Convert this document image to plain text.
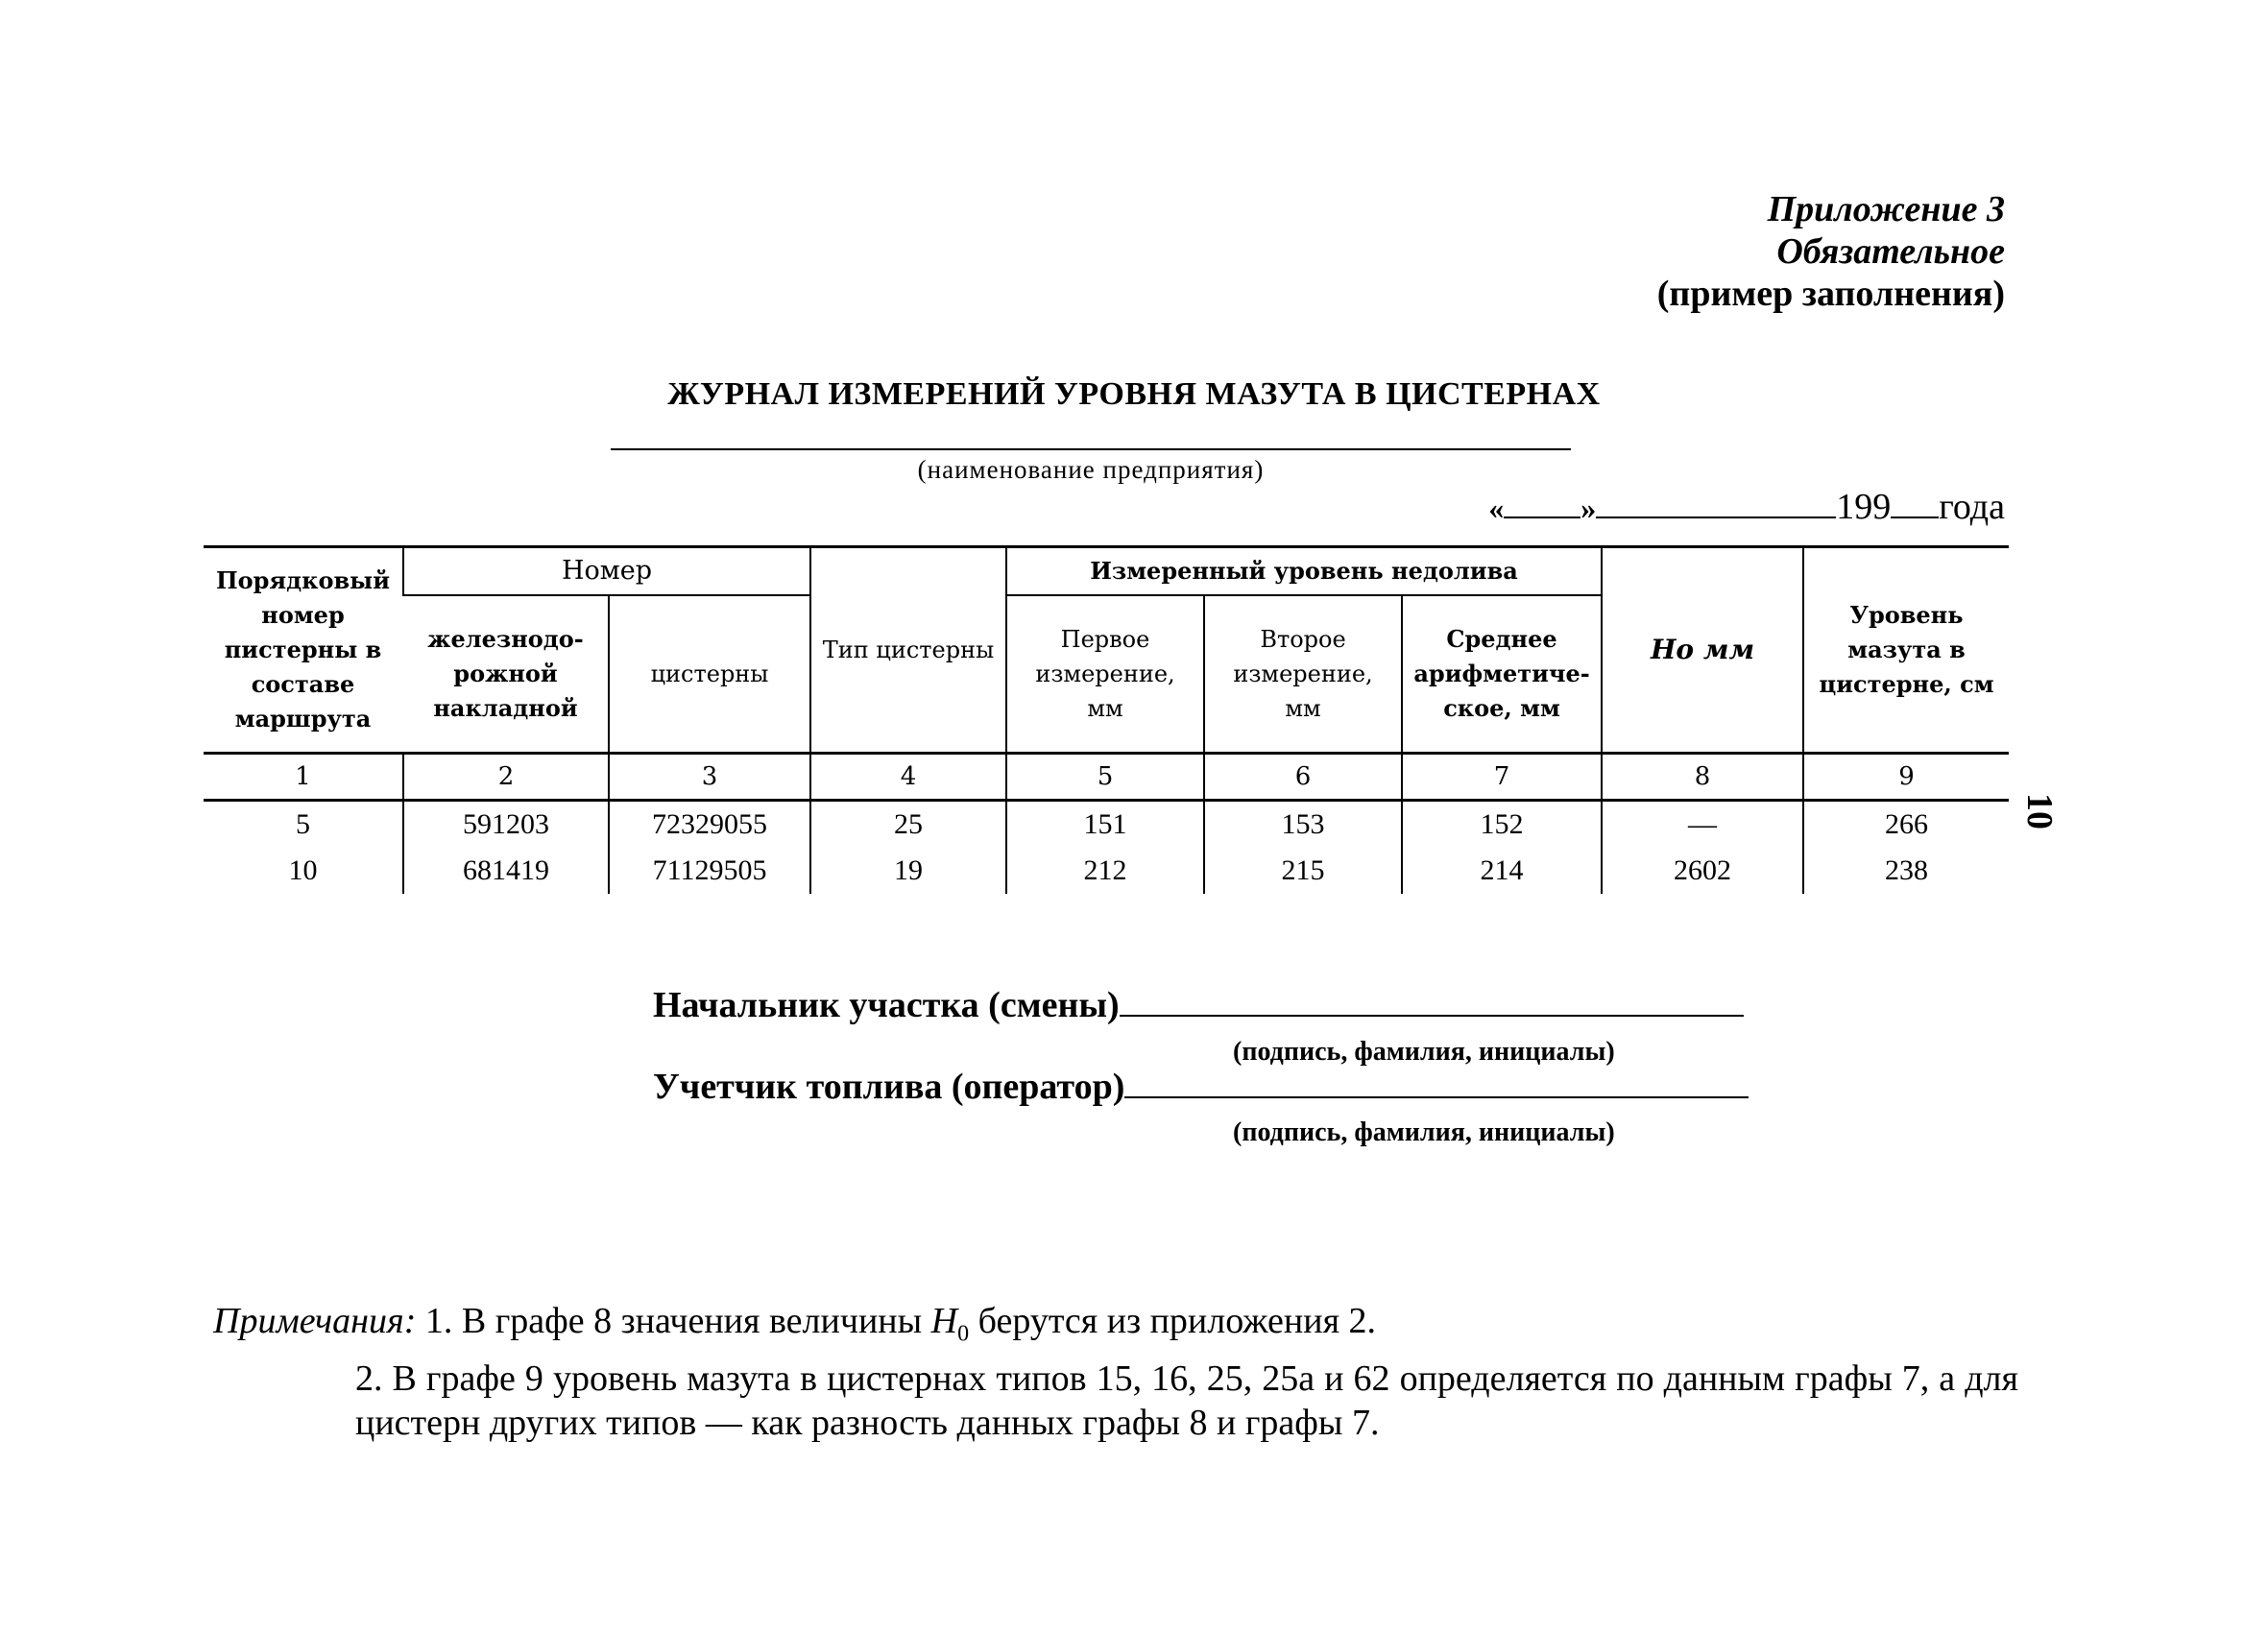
Приложение 3
Обязательное
(пример заполнения)
ЖУРНАЛ ИЗМЕРЕНИЙ УРОВНЯ МАЗУТА В ЦИСТЕРНАХ
(наименование предприятия)
«	»	199 года
Порядковый номер пистерны в составе маршрута	Номер		Тип цистерны	Измеренный уровень недолива			Но мм	Уровень мазута в цистерне, см
	железнодо-рожной накладной	цистерны		Первое измерение, мм	Второе измерение, мм	Среднее арифметиче-ское, мм		
1	2	3	4	5	6	7	8	9
5	591203	72329055	25	151	153	152	—	266
10	681419	71129505	19	212	215	214	2602	238
Начальник участка (смены)
(подпись, фамилия, инициалы)
Учетчик топлива (оператор)
(подпись, фамилия, инициалы)
Примечания: 1. В графе 8 значения величины $Н_0$ берутся из приложения 2.
2. В графе 9 уровень мазута в цистернах типов 15, 16, 25, 25а и 62 определяется по данным графы 7, а для цистерн других типов — как разность данных графы 8 и графы 7.
10
